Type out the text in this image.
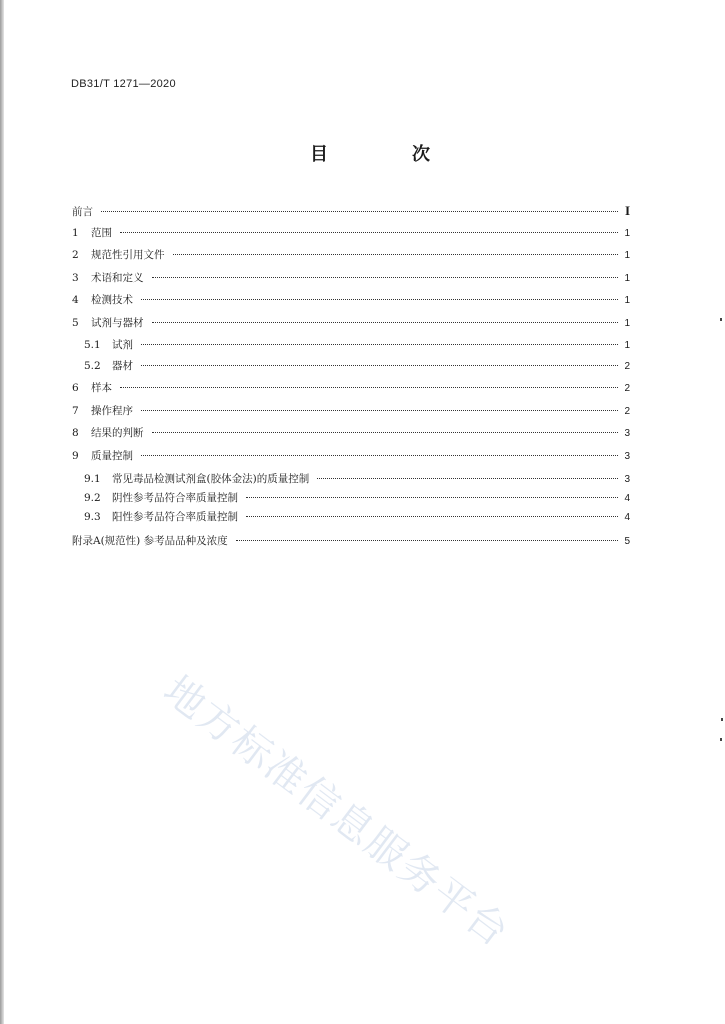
DB31/T 1271—2020
目	次
前言	I
1	范围	1
2	规范性引用文件	1
3	术语和定义	1
4	检测技术	1
5	试剂与器材	1
5.1	试剂	1
5.2	器材	2
6	样本	2
7	操作程序	2
8	结果的判断	3
9	质量控制	3
9.1	常见毒品检测试剂盒(胶体金法)的质量控制	3
9.2	阴性参考品符合率质量控制	4
9.3	阳性参考品符合率质量控制	4
附录A(规范性) 参考品品种及浓度	5
地方标准信息服务平台
